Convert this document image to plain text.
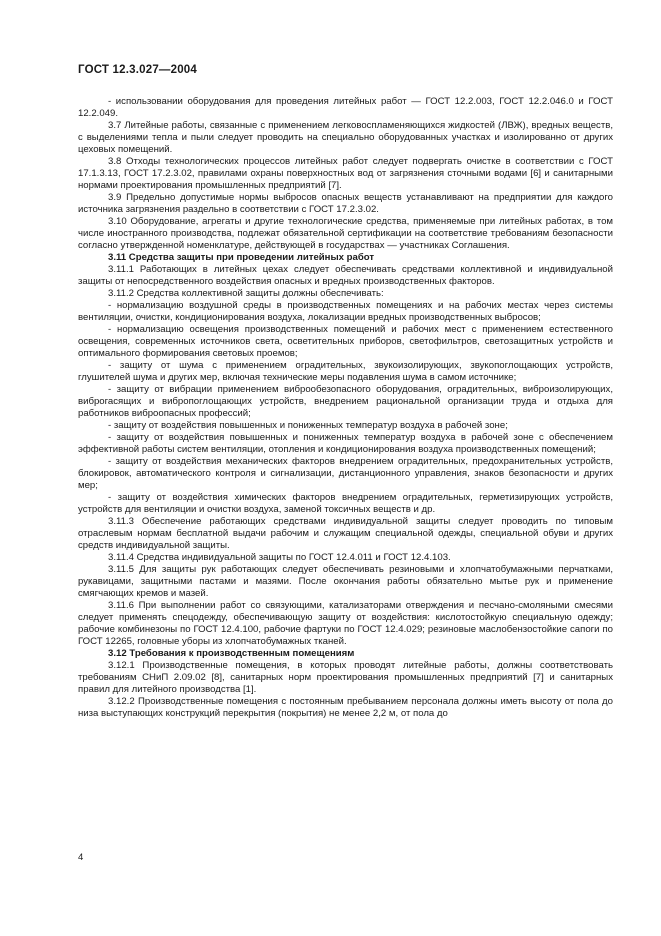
ГОСТ 12.3.027—2004

- использовании оборудования для проведения литейных работ — ГОСТ 12.2.003, ГОСТ 12.2.046.0 и ГОСТ 12.2.049.

3.7 Литейные работы, связанные с применением легковоспламеняющихся жидкостей (ЛВЖ), вредных веществ, с выделениями тепла и пыли следует проводить на специально оборудованных участках и изолированно от других цеховых помещений.

3.8 Отходы технологических процессов литейных работ следует подвергать очистке в соответствии с ГОСТ 17.1.3.13, ГОСТ 17.2.3.02, правилами охраны поверхностных вод от загрязнения сточными водами [6] и санитарными нормами проектирования промышленных предприятий [7].

3.9 Предельно допустимые нормы выбросов опасных веществ устанавливают на предприятии для каждого источника загрязнения раздельно в соответствии с ГОСТ 17.2.3.02.

3.10 Оборудование, агрегаты и другие технологические средства, применяемые при литейных работах, в том числе иностранного производства, подлежат обязательной сертификации на соответствие требованиям безопасности согласно утвержденной номенклатуре, действующей в государствах — участниках Соглашения.

3.11 Средства защиты при проведении литейных работ

3.11.1 Работающих в литейных цехах следует обеспечивать средствами коллективной и индивидуальной защиты от непосредственного воздействия опасных и вредных производственных факторов.

3.11.2 Средства коллективной защиты должны обеспечивать:

- нормализацию воздушной среды в производственных помещениях и на рабочих местах через системы вентиляции, очистки, кондиционирования воздуха, локализации вредных производственных выбросов;

- нормализацию освещения производственных помещений и рабочих мест с применением естественного освещения, современных источников света, осветительных приборов, светофильтров, светозащитных устройств и оптимального формирования световых проемов;

- защиту от шума с применением оградительных, звукоизолирующих, звукопоглощающих устройств, глушителей шума и других мер, включая технические меры подавления шума в самом источнике;

- защиту от вибрации применением виброобезопасного оборудования, оградительных, виброизолирующих, виброгасящих и вибропоглощающих устройств, внедрением рациональной организации труда и отдыха для работников виброопасных профессий;

- защиту от воздействия повышенных и пониженных температур воздуха в рабочей зоне;

- защиту от воздействия повышенных и пониженных температур воздуха в рабочей зоне с обеспечением эффективной работы систем вентиляции, отопления и кондиционирования воздуха производственных помещений;

- защиту от воздействия механических факторов внедрением оградительных, предохранительных устройств, блокировок, автоматического контроля и сигнализации, дистанционного управления, знаков безопасности и других мер;

- защиту от воздействия химических факторов внедрением оградительных, герметизирующих устройств, устройств для вентиляции и очистки воздуха, заменой токсичных веществ и др.

3.11.3 Обеспечение работающих средствами индивидуальной защиты следует проводить по типовым отраслевым нормам бесплатной выдачи рабочим и служащим специальной одежды, специальной обуви и других средств индивидуальной защиты.

3.11.4 Средства индивидуальной защиты по ГОСТ 12.4.011 и ГОСТ 12.4.103.

3.11.5 Для защиты рук работающих следует обеспечивать резиновыми и хлопчатобумажными перчатками, рукавицами, защитными пастами и мазями. После окончания работы обязательно мытье рук и применение смягчающих кремов и мазей.

3.11.6 При выполнении работ со связующими, катализаторами отверждения и песчано-смоляными смесями следует применять спецодежду, обеспечивающую защиту от воздействия: кислотостойкую специальную одежду; рабочие комбинезоны по ГОСТ 12.4.100, рабочие фартуки по ГОСТ 12.4.029; резиновые маслобензостойкие сапоги по ГОСТ 12265, головные уборы из хлопчатобумажных тканей.

3.12 Требования к производственным помещениям

3.12.1 Производственные помещения, в которых проводят литейные работы, должны соответствовать требованиям СНиП 2.09.02 [8], санитарных норм проектирования промышленных предприятий [7] и санитарных правил для литейного производства [1].

3.12.2 Производственные помещения с постоянным пребыванием персонала должны иметь высоту от пола до низа выступающих конструкций перекрытия (покрытия) не менее 2,2 м, от пола до

4
